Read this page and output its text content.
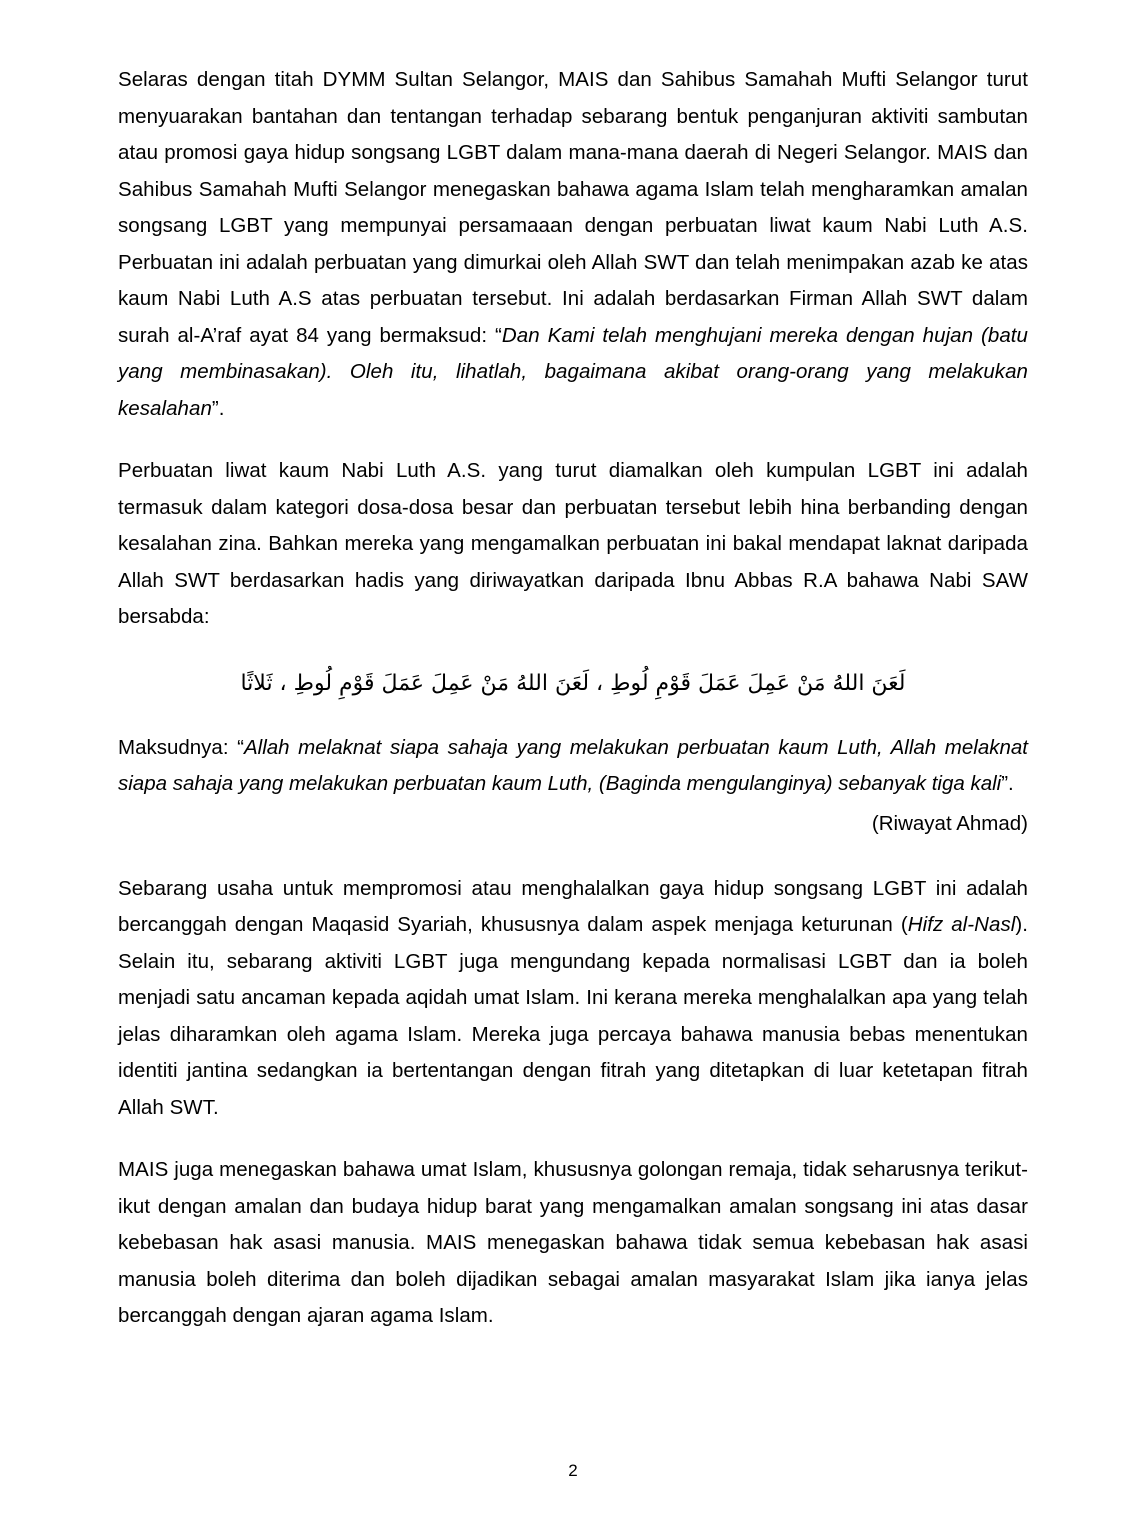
Selaras dengan titah DYMM Sultan Selangor, MAIS dan Sahibus Samahah Mufti Selangor turut menyuarakan bantahan dan tentangan terhadap sebarang bentuk penganjuran aktiviti sambutan atau promosi gaya hidup songsang LGBT dalam mana-mana daerah di Negeri Selangor. MAIS dan Sahibus Samahah Mufti Selangor menegaskan bahawa agama Islam telah mengharamkan amalan songsang LGBT yang mempunyai persamaaan dengan perbuatan liwat kaum Nabi Luth A.S. Perbuatan ini adalah perbuatan yang dimurkai oleh Allah SWT dan telah menimpakan azab ke atas kaum Nabi Luth A.S atas perbuatan tersebut. Ini adalah berdasarkan Firman Allah SWT dalam surah al-A’raf ayat 84 yang bermaksud: “Dan Kami telah menghujani mereka dengan hujan (batu yang membinasakan). Oleh itu, lihatlah, bagaimana akibat orang-orang yang melakukan kesalahan”.

Perbuatan liwat kaum Nabi Luth A.S. yang turut diamalkan oleh kumpulan LGBT ini adalah termasuk dalam kategori dosa-dosa besar dan perbuatan tersebut lebih hina berbanding dengan kesalahan zina. Bahkan mereka yang mengamalkan perbuatan ini bakal mendapat laknat daripada Allah SWT berdasarkan hadis yang diriwayatkan daripada Ibnu Abbas R.A bahawa Nabi SAW bersabda:

لَعَنَ اللهُ مَنْ عَمِلَ عَمَلَ قَوْمِ لُوطِ ، لَعَنَ اللهُ مَنْ عَمِلَ عَمَلَ قَوْمِ لُوطِ ، ثَلاثًا

Maksudnya: “Allah melaknat siapa sahaja yang melakukan perbuatan kaum Luth, Allah melaknat siapa sahaja yang melakukan perbuatan kaum Luth, (Baginda mengulanginya) sebanyak tiga kali”.

(Riwayat Ahmad)

Sebarang usaha untuk mempromosi atau menghalalkan gaya hidup songsang LGBT ini adalah bercanggah dengan Maqasid Syariah, khususnya dalam aspek menjaga keturunan (Hifz al-Nasl). Selain itu, sebarang aktiviti LGBT juga mengundang kepada normalisasi LGBT dan ia boleh menjadi satu ancaman kepada aqidah umat Islam. Ini kerana mereka menghalalkan apa yang telah jelas diharamkan oleh agama Islam. Mereka juga percaya bahawa manusia bebas menentukan identiti jantina sedangkan ia bertentangan dengan fitrah yang ditetapkan di luar ketetapan fitrah Allah SWT.

MAIS juga menegaskan bahawa umat Islam, khususnya golongan remaja, tidak seharusnya terikut-ikut dengan amalan dan budaya hidup barat yang mengamalkan amalan songsang ini atas dasar kebebasan hak asasi manusia. MAIS menegaskan bahawa tidak semua kebebasan hak asasi manusia boleh diterima dan boleh dijadikan sebagai amalan masyarakat Islam jika ianya jelas bercanggah dengan ajaran agama Islam.

2
